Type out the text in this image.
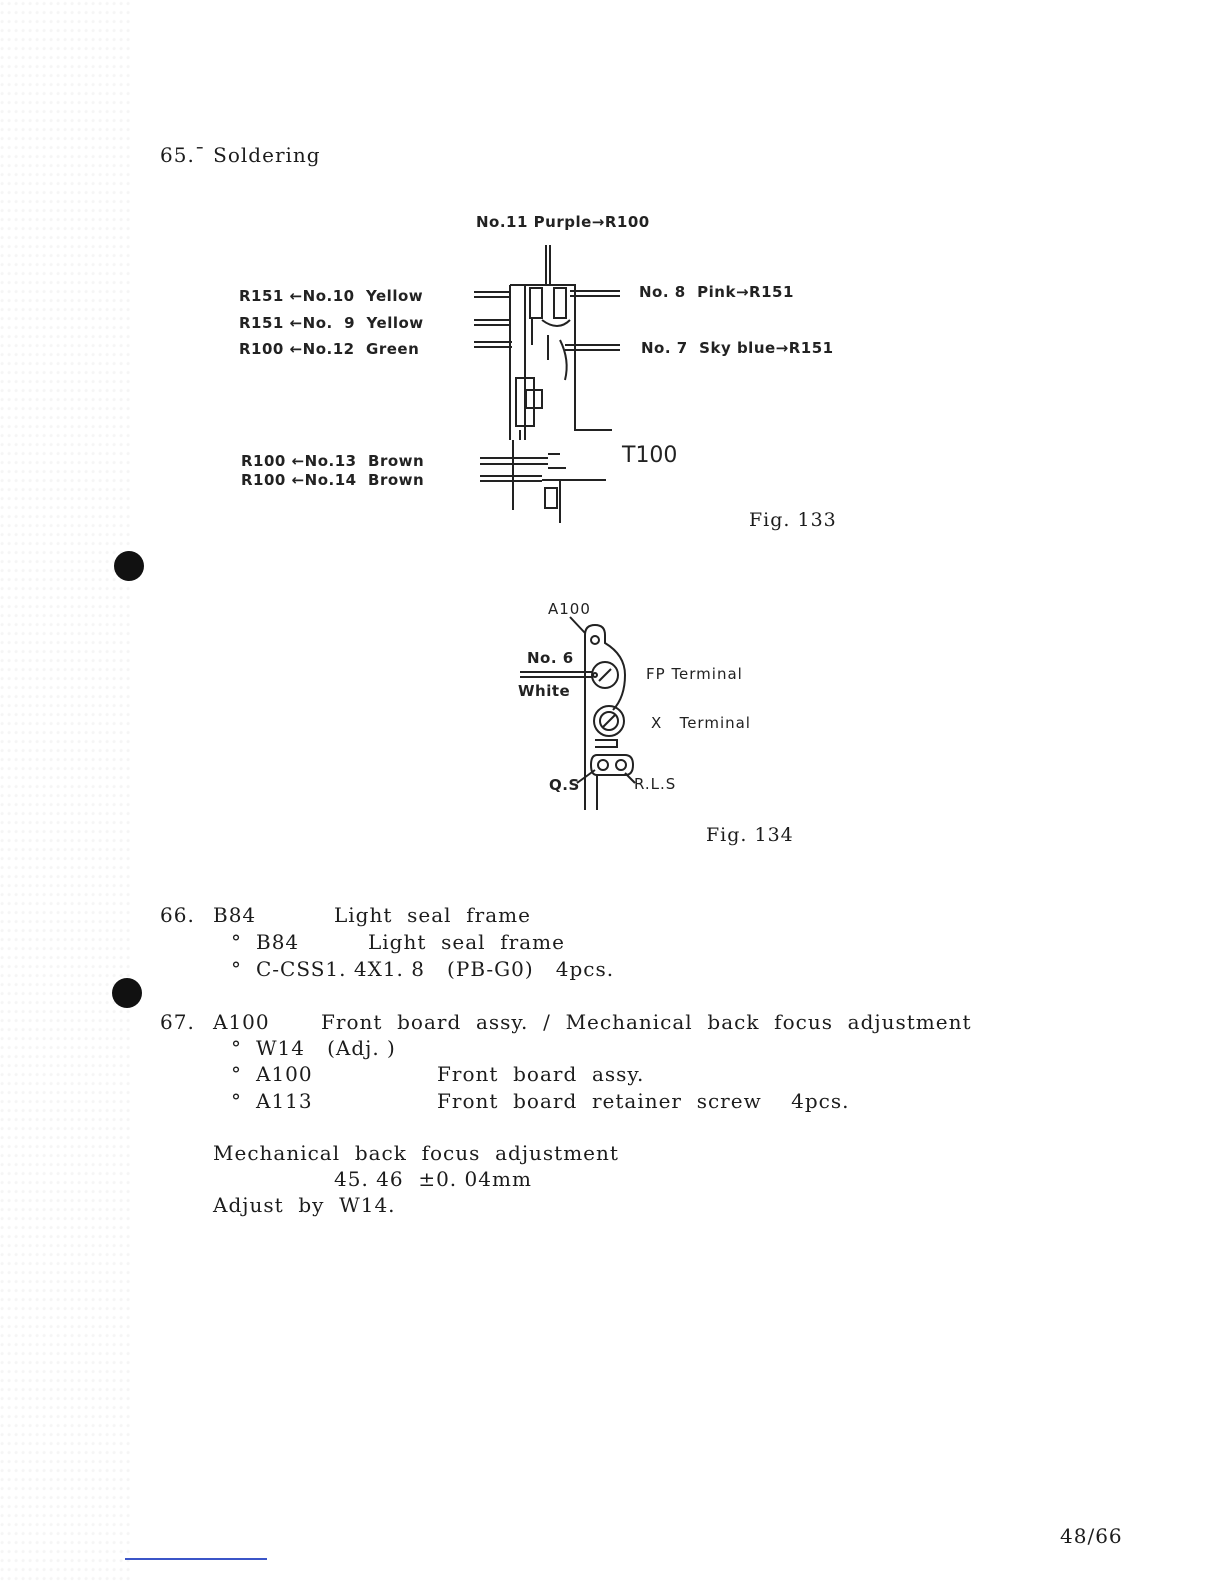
65.¯ Soldering
No.11 Purple→R100
R151 ←No.10  Yellow
R151 ←No.  9  Yellow
R100 ←No.12  Green
R100 ←No.13  Brown
R100 ←No.14  Brown
No. 8  Pink→R151
No. 7  Sky blue→R151
T100
Fig. 133
A100
No. 6
White
FP Terminal
X   Terminal
Q.S	R.L.S
Fig. 134
66. B84	Light  seal  frame
° B84	Light  seal  frame
° C-CSS1. 4X1. 8   (PB-G0)   4pcs.
67. A100	Front  board  assy.  /  Mechanical  back  focus  adjustment
° W14   (Adj. )
° A100	Front  board  assy.
° A113	Front  board  retainer  screw    4pcs.
Mechanical  back  focus  adjustment
45. 46  ±0. 04mm
Adjust  by  W14.
48/66
